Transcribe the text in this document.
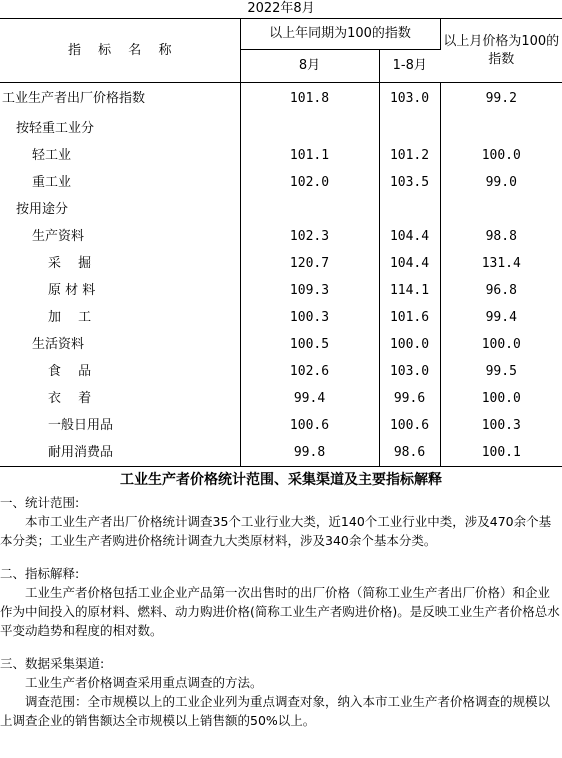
2022年8月
指　 标　 名　 称	以上年同期为100的指数		以上月价格为100的指数
	8月	1-8月	
工业生产者出厂价格指数	101.8	103.0	99.2
按轻重工业分			
轻工业	101.1	101.2	100.0
重工业	102.0	103.5	99.0
按用途分			
生产资料	102.3	104.4	98.8
采　 掘	120.7	104.4	131.4
原 材 料	109.3	114.1	96.8
加　 工	100.3	101.6	99.4
生活资料	100.5	100.0	100.0
食　 品	102.6	103.0	99.5
衣　 着	99.4	99.6	100.0
一般日用品	100.6	100.6	100.3
耐用消费品	99.8	98.6	100.1
工业生产者价格统计范围、采集渠道及主要指标解释

一、统计范围:

本市工业生产者出厂价格统计调查35个工业行业大类，近140个工业行业中类，涉及470余个基本分类；工业生产者购进价格统计调查九大类原材料，涉及340余个基本分类。

二、指标解释:

工业生产者价格包括工业企业产品第一次出售时的出厂价格（简称工业生产者出厂价格）和企业作为中间投入的原材料、燃料、动力购进价格(简称工业生产者购进价格)。是反映工业生产者价格总水平变动趋势和程度的相对数。

三、数据采集渠道:

工业生产者价格调查采用重点调查的方法。

调查范围：全市规模以上的工业企业列为重点调查对象，纳入本市工业生产者价格调查的规模以上调查企业的销售额达全市规模以上销售额的50%以上。
